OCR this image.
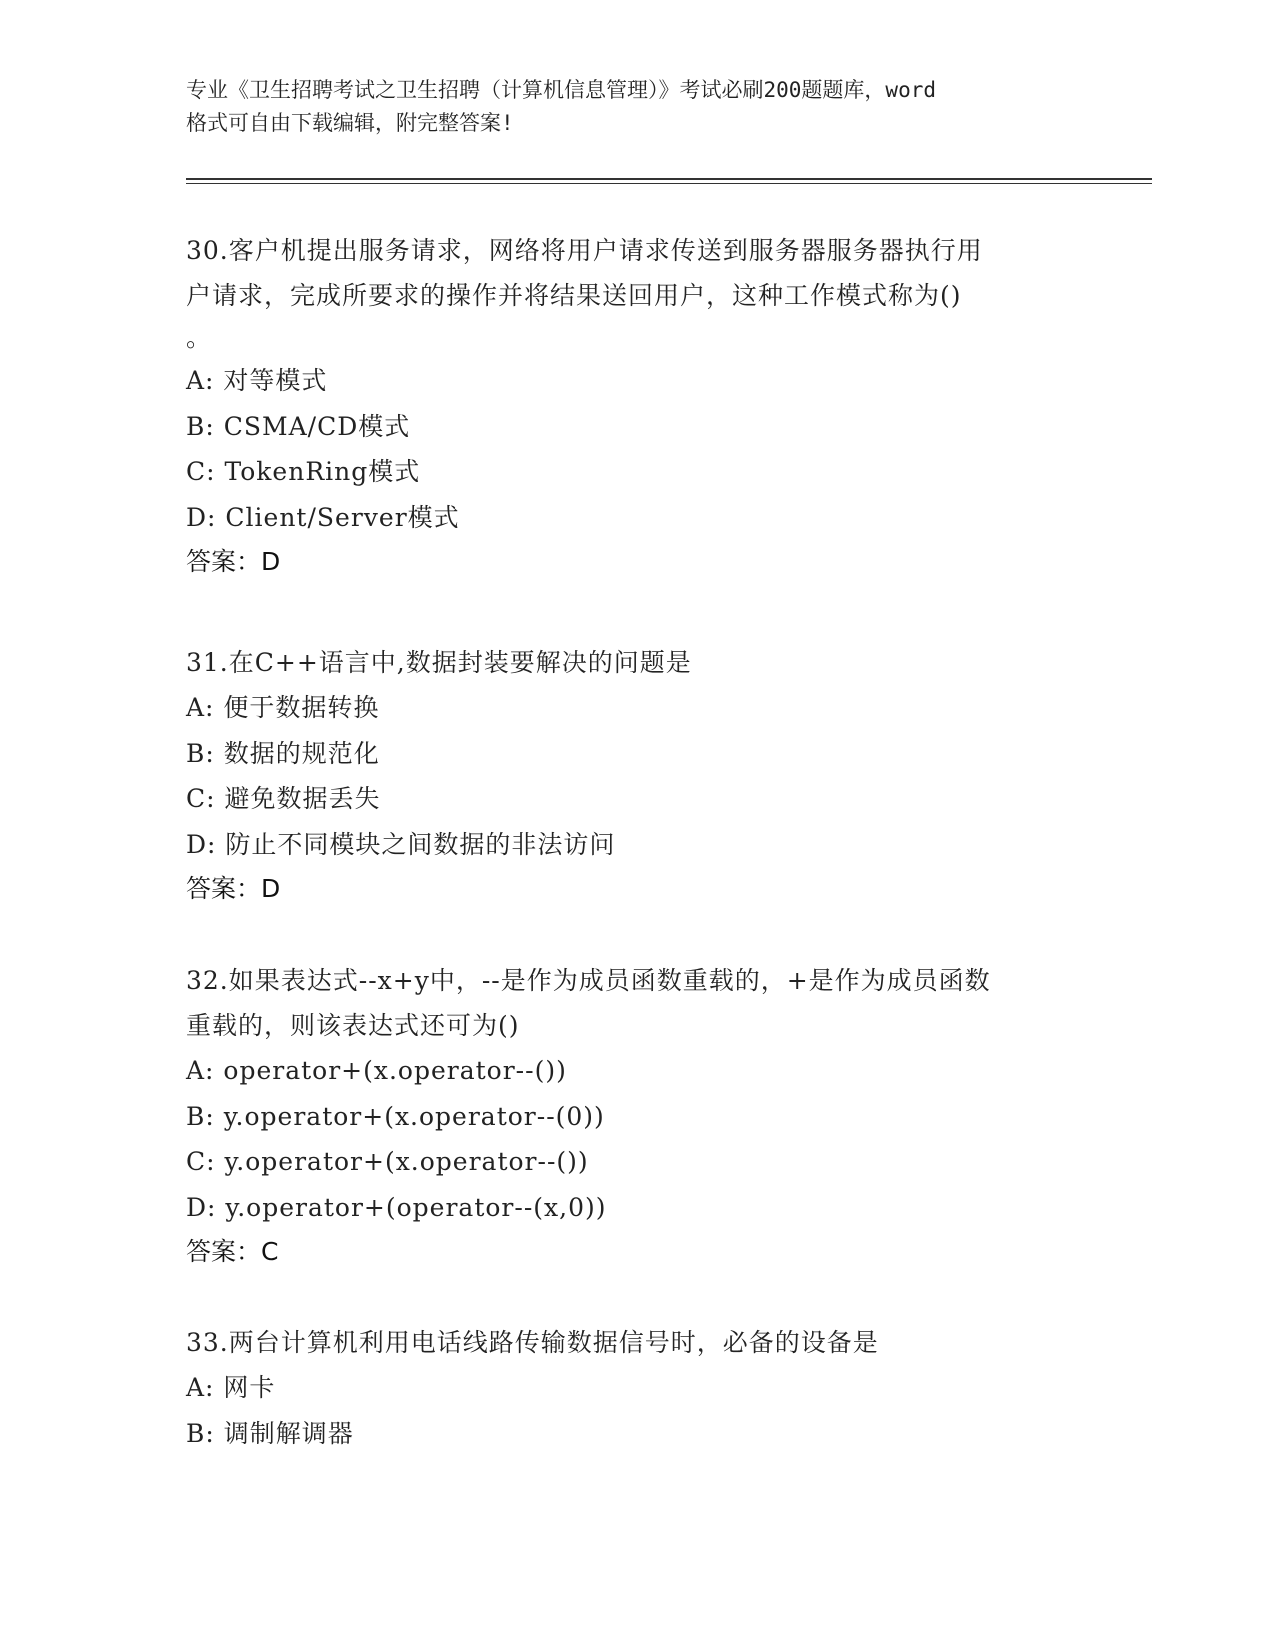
专业《卫生招聘考试之卫生招聘（计算机信息管理）》考试必刷200题题库，word
格式可自由下载编辑，附完整答案!

30.客户机提出服务请求，网络将用户请求传送到服务器服务器执行用

户请求，完成所要求的操作并将结果送回用户，这种工作模式称为()

。

A: 对等模式

B: CSMA/CD模式

C: TokenRing模式

D: Client/Server模式

答案：D

31.在C++语言中,数据封装要解决的问题是

A: 便于数据转换

B: 数据的规范化

C: 避免数据丢失

D: 防止不同模块之间数据的非法访问

答案：D

32.如果表达式--x+y中，--是作为成员函数重载的，+是作为成员函数

重载的，则该表达式还可为()

A: operator+(x.operator--())

B: y.operator+(x.operator--(0))

C: y.operator+(x.operator--())

D: y.operator+(operator--(x,0))

答案：C

33.两台计算机利用电话线路传输数据信号时，必备的设备是

A: 网卡

B: 调制解调器
